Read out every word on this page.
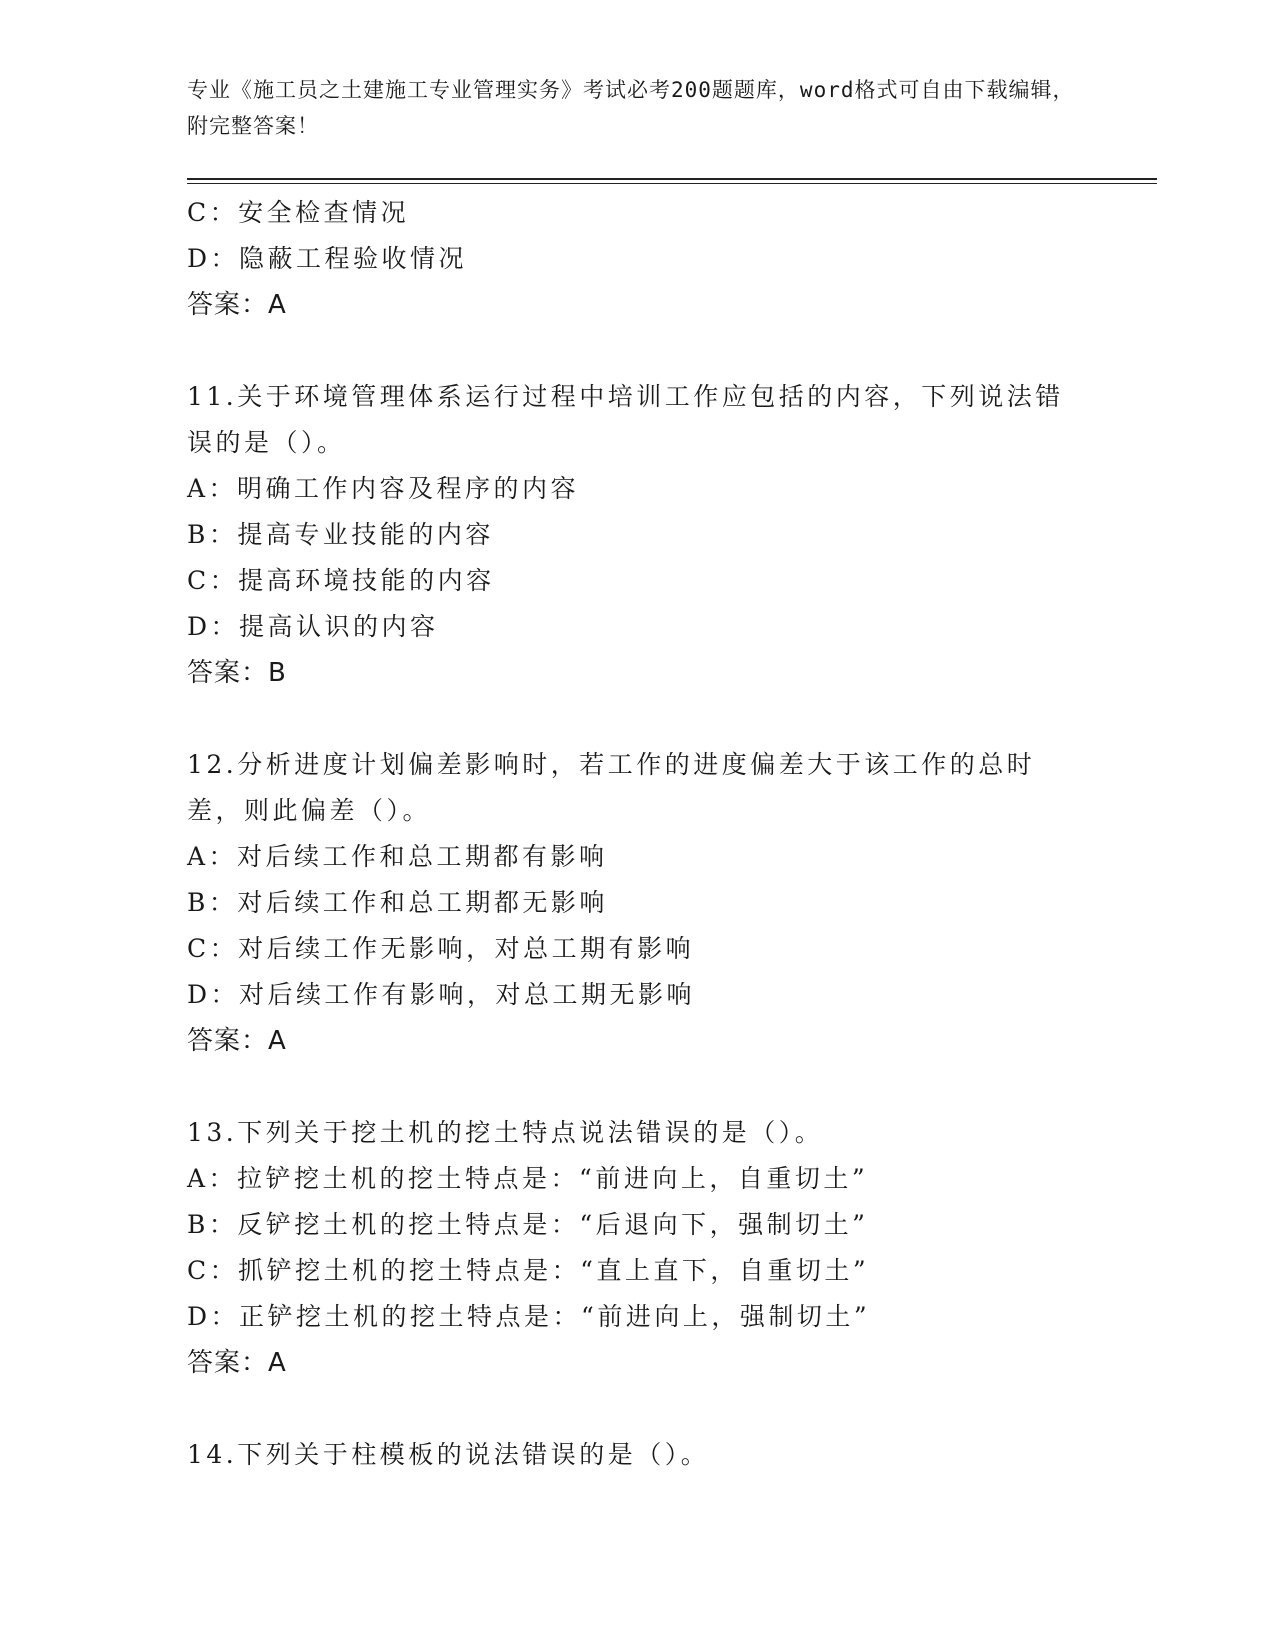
专业《施工员之土建施工专业管理实务》考试必考200题题库，word格式可自由下载编辑，附完整答案！
C：安全检查情况
D：隐蔽工程验收情况
答案：A
11.关于环境管理体系运行过程中培训工作应包括的内容，下列说法错误的是（）。
A：明确工作内容及程序的内容
B：提高专业技能的内容
C：提高环境技能的内容
D：提高认识的内容
答案：B
12.分析进度计划偏差影响时，若工作的进度偏差大于该工作的总时差，则此偏差（）。
A：对后续工作和总工期都有影响
B：对后续工作和总工期都无影响
C：对后续工作无影响，对总工期有影响
D：对后续工作有影响，对总工期无影响
答案：A
13.下列关于挖土机的挖土特点说法错误的是（）。
A：拉铲挖土机的挖土特点是：“前进向上，自重切土”
B：反铲挖土机的挖土特点是：“后退向下，强制切土”
C：抓铲挖土机的挖土特点是：“直上直下，自重切土”
D：正铲挖土机的挖土特点是：“前进向上，强制切土”
答案：A
14.下列关于柱模板的说法错误的是（）。
